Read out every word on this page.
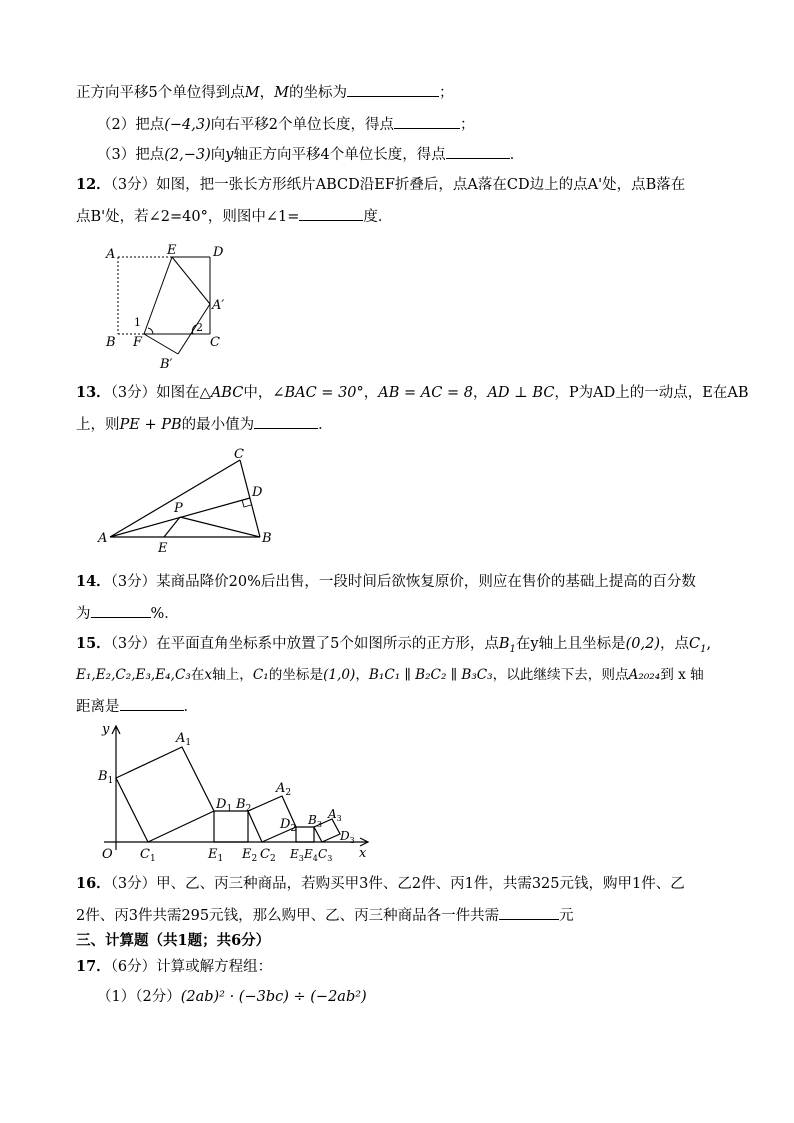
正方向平移5个单位得到点M，M的坐标为	；
（2）把点(−4,3)向右平移2个单位长度，得点	；
（3）把点(2,−3)向y轴正方向平移4个单位长度，得点	．
12．（3分）如图，把一张长方形纸片ABCD沿EF折叠后，点A落在CD边上的点A'处，点B落在
点B'处，若∠2=40°，则图中∠1=	度．
A	E	D
A′
B F
B′
C
1	2
13．（3分）如图在△ABC中，∠BAC = 30°，AB = AC = 8，AD ⊥ BC，P为AD上的一动点，E在AB
上，则PE + PB的最小值为	．
A	B
C
D
P
E
14．（3分）某商品降价20%后出售，一段时间后欲恢复原价，则应在售价的基础上提高的百分数
为	%．
15．（3分）在平面直角坐标系中放置了5个如图所示的正方形，点$B_1$在y轴上且坐标是(0,2)，点$C_1$,
E₁,E₂,C₂,E₃,E₄,C₃在x轴上，C₁的坐标是(1,0)，B₁C₁ ∥ B₂C₂ ∥ B₃C₃，以此继续下去，则点A₂₀₂₄到 x 轴
距离是	．
y
x
O
$A_1$
$B_1$
$C_1$
$D_1$
$E_1$
$B_2$
$E_2$ $C_2$
$A_2$
$D_2$
$B_3$
$A_3$
$D_3$
$E_3$ $E_4$ $C_3$
16．（3分）甲、乙、丙三种商品，若购买甲3件、乙2件、丙1件，共需325元钱，购甲1件、乙
2件、丙3件共需295元钱，那么购甲、乙、丙三种商品各一件共需	元
三、计算题（共1题；共6分）
17．（6分）计算或解方程组：
（1）（2分）(2ab)² · (−3bc) ÷ (−2ab²)
